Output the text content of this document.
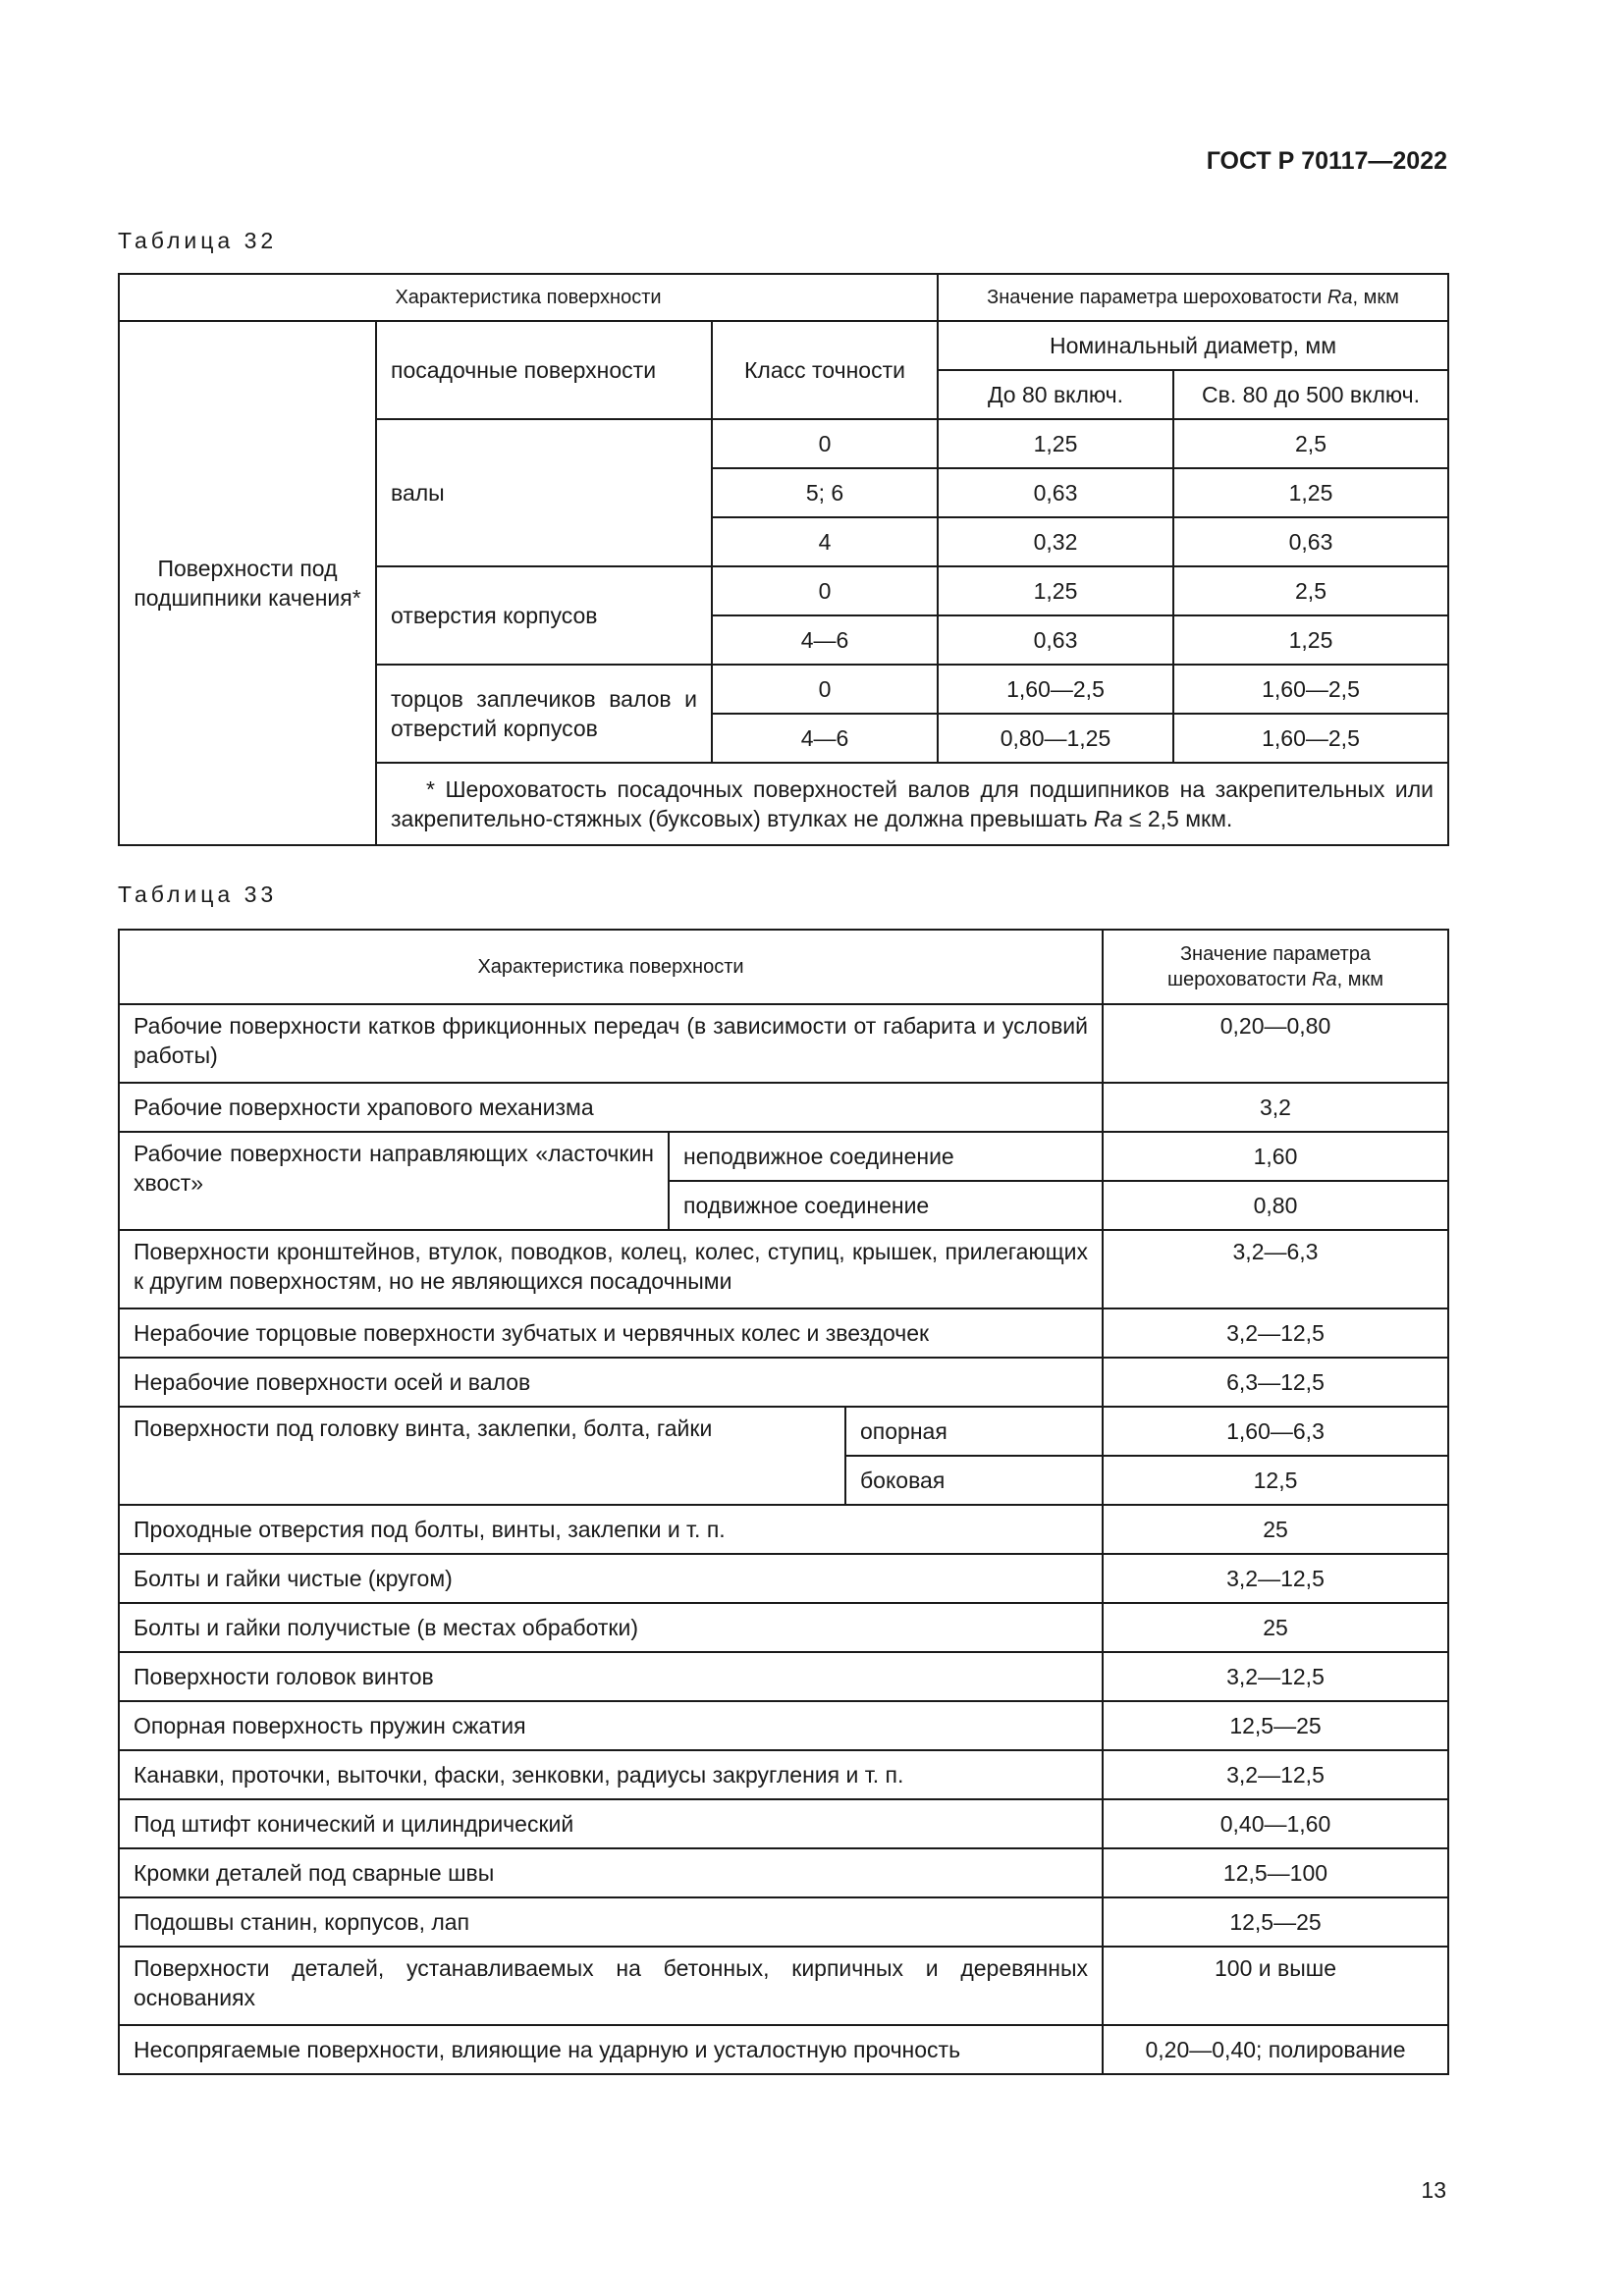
ГОСТ Р 70117—2022
Таблица 32
Характеристика поверхности			Значение параметра шероховатости Ra, мкм	
Поверхности под подшипники качения*	посадочные поверхности	Класс точности	Номинальный диаметр, мм	
			До 80 включ.	Св. 80 до 500 включ.
	валы	0	1,25	2,5
		5; 6	0,63	1,25
		4	0,32	0,63
	отверстия корпусов	0	1,25	2,5
		4—6	0,63	1,25
	торцов заплечиков валов и отверстий корпусов	0	1,60—2,5	1,60—2,5
		4—6	0,80—1,25	1,60—2,5

	* Шероховатость посадочных поверхностей валов для подшипников на закрепительных или закрепительно-стяжных (буксовых) втулках не должна превышать Ra ≤ 2,5 мкм.			

Таблица 33
Характеристика поверхности			Значение параметра шероховатости Ra, мкм
Рабочие поверхности катков фрикционных передач (в зависимости от габарита и условий работы)			0,20—0,80
Рабочие поверхности храпового механизма			3,2
Рабочие поверхности направляющих «ласточкин хвост»	неподвижное соединение		1,60
	подвижное соединение		0,80
Поверхности кронштейнов, втулок, поводков, колец, колес, ступиц, крышек, прилегающих к другим поверхностям, но не являющихся посадочными			3,2—6,3
Нерабочие торцовые поверхности зубчатых и червячных колес и звездочек			3,2—12,5
Нерабочие поверхности осей и валов			6,3—12,5
Поверхности под головку винта, заклепки, болта, гайки		опорная	1,60—6,3
		боковая	12,5
Проходные отверстия под болты, винты, заклепки и т. п.			25
Болты и гайки чистые (кругом)			3,2—12,5
Болты и гайки получистые (в местах обработки)			25
Поверхности головок винтов			3,2—12,5
Опорная поверхность пружин сжатия			12,5—25
Канавки, проточки, выточки, фаски, зенковки, радиусы закругления и т. п.			3,2—12,5
Под штифт конический и цилиндрический			0,40—1,60
Кромки деталей под сварные швы			12,5—100
Подошвы станин, корпусов, лап			12,5—25
Поверхности деталей, устанавливаемых на бетонных, кирпичных и деревянных основаниях			100 и выше
Несопрягаемые поверхности, влияющие на ударную и усталостную прочность			0,20—0,40; полирование
13
